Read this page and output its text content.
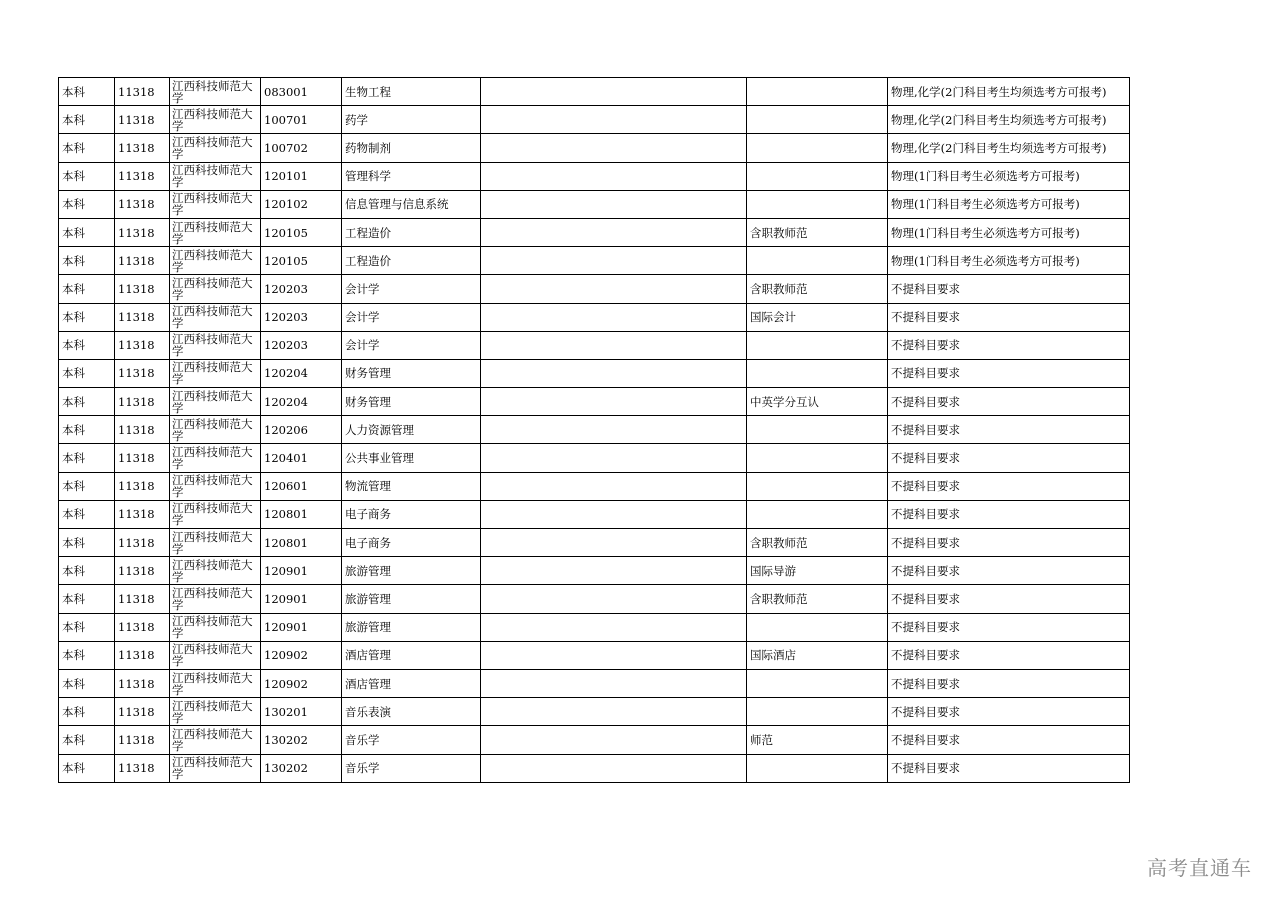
本科	11318	江西科技师范大学	083001	生物工程			物理,化学(2门科目考生均须选考方可报考)
本科	11318	江西科技师范大学	100701	药学			物理,化学(2门科目考生均须选考方可报考)
本科	11318	江西科技师范大学	100702	药物制剂			物理,化学(2门科目考生均须选考方可报考)
本科	11318	江西科技师范大学	120101	管理科学			物理(1门科目考生必须选考方可报考)
本科	11318	江西科技师范大学	120102	信息管理与信息系统			物理(1门科目考生必须选考方可报考)
本科	11318	江西科技师范大学	120105	工程造价		含职教师范	物理(1门科目考生必须选考方可报考)
本科	11318	江西科技师范大学	120105	工程造价			物理(1门科目考生必须选考方可报考)
本科	11318	江西科技师范大学	120203	会计学		含职教师范	不提科目要求
本科	11318	江西科技师范大学	120203	会计学		国际会计	不提科目要求
本科	11318	江西科技师范大学	120203	会计学			不提科目要求
本科	11318	江西科技师范大学	120204	财务管理			不提科目要求
本科	11318	江西科技师范大学	120204	财务管理		中英学分互认	不提科目要求
本科	11318	江西科技师范大学	120206	人力资源管理			不提科目要求
本科	11318	江西科技师范大学	120401	公共事业管理			不提科目要求
本科	11318	江西科技师范大学	120601	物流管理			不提科目要求
本科	11318	江西科技师范大学	120801	电子商务			不提科目要求
本科	11318	江西科技师范大学	120801	电子商务		含职教师范	不提科目要求
本科	11318	江西科技师范大学	120901	旅游管理		国际导游	不提科目要求
本科	11318	江西科技师范大学	120901	旅游管理		含职教师范	不提科目要求
本科	11318	江西科技师范大学	120901	旅游管理			不提科目要求
本科	11318	江西科技师范大学	120902	酒店管理		国际酒店	不提科目要求
本科	11318	江西科技师范大学	120902	酒店管理			不提科目要求
本科	11318	江西科技师范大学	130201	音乐表演			不提科目要求
本科	11318	江西科技师范大学	130202	音乐学		师范	不提科目要求
本科	11318	江西科技师范大学	130202	音乐学			不提科目要求
高考直通车
